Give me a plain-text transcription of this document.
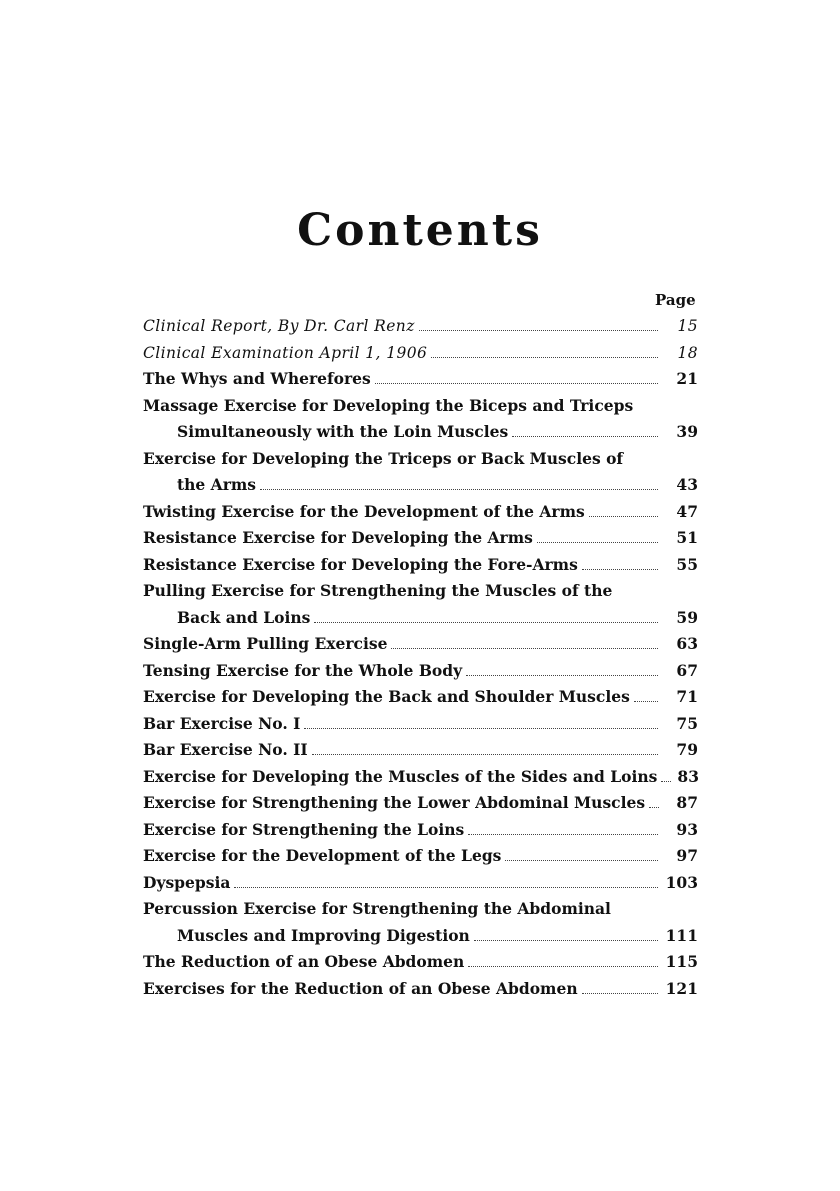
Contents
Page
Clinical Report, By Dr. Carl Renz	15
Clinical Examination April 1, 1906	18
The Whys and Wherefores	21
Massage Exercise for Developing the Biceps and Triceps
Simultaneously with the Loin Muscles	39
Exercise for Developing the Triceps or Back Muscles of
the Arms	43
Twisting Exercise for the Development of the Arms	47
Resistance Exercise for Developing the Arms	51
Resistance Exercise for Developing the Fore-Arms	55
Pulling Exercise for Strengthening the Muscles of the
Back and Loins	59
Single-Arm Pulling Exercise	63
Tensing Exercise for the Whole Body	67
Exercise for Developing the Back and Shoulder Muscles	71
Bar Exercise No. I	75
Bar Exercise No. II	79
Exercise for Developing the Muscles of the Sides and Loins 83
Exercise for Strengthening the Lower Abdominal Muscles	87
Exercise for Strengthening the Loins	93
Exercise for the Development of the Legs	97
Dyspepsia	103
Percussion Exercise for Strengthening the Abdominal
Muscles and Improving Digestion	111
The Reduction of an Obese Abdomen	115
Exercises for the Reduction of an Obese Abdomen	121
